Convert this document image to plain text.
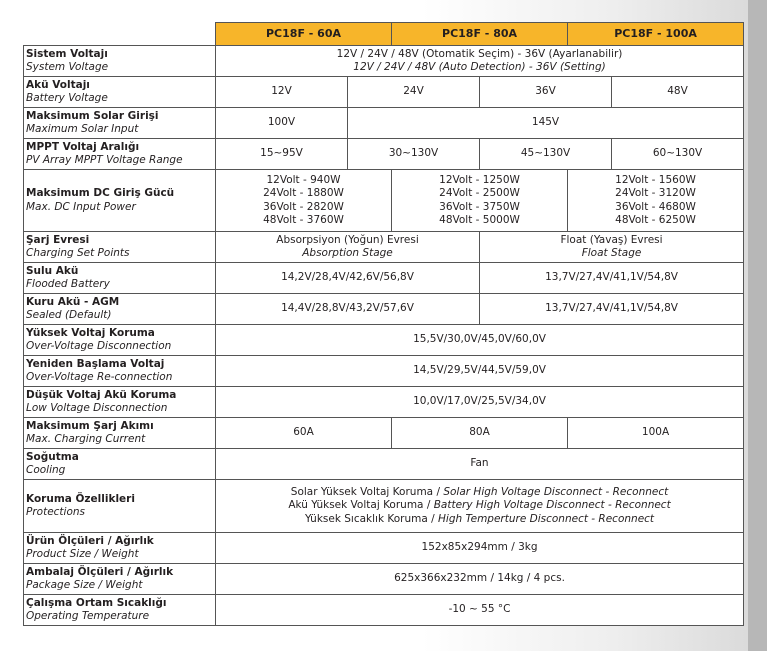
	PC18F - 60A		PC18F - 80A		PC18F - 100A	

Sistem Voltajı
System Voltage	12V / 24V / 48V (Otomatik Seçim) - 36V (Ayarlanabilir)
12V / 24V / 48V (Auto Detection) - 36V (Setting)					

Akü Voltajı
Battery Voltage	12V	24V		36V		48V

Maksimum Solar Girişi
Maximum Solar Input	100V	145V				

MPPT Voltaj Aralığı
PV Array MPPT Voltage Range	15~95V	30~130V		45~130V		60~130V

Maksimum DC Giriş Gücü
Max. DC Input Power	12Volt - 940W
24Volt - 1880W
36Volt - 2820W
48Volt - 3760W		12Volt - 1250W
24Volt - 2500W
36Volt - 3750W
48Volt - 5000W		12Volt - 1560W
24Volt - 3120W
36Volt - 4680W
48Volt - 6250W	

Şarj Evresi
Charging Set Points	Absorpsiyon (Yoğun) Evresi
Absorption Stage			Float (Yavaş) Evresi
Float Stage		

Sulu Akü
Flooded Battery	14,2V/28,4V/42,6V/56,8V			13,7V/27,4V/41,1V/54,8V		

Kuru Akü - AGM
Sealed (Default)	14,4V/28,8V/43,2V/57,6V			13,7V/27,4V/41,1V/54,8V		

Yüksek Voltaj Koruma
Over-Voltage Disconnection	15,5V/30,0V/45,0V/60,0V					

Yeniden Başlama Voltaj
Over-Voltage Re-connection	14,5V/29,5V/44,5V/59,0V					

Düşük Voltaj Akü Koruma
Low Voltage Disconnection	10,0V/17,0V/25,5V/34,0V					

Maksimum Şarj Akımı
Max. Charging Current	60A		80A		100A	

Soğutma
Cooling	Fan					

Koruma Özellikleri
Protections	Solar Yüksek Voltaj Koruma / Solar High Voltage Disconnect - Reconnect
Akü Yüksek Voltaj Koruma / Battery High Voltage Disconnect - Reconnect
Yüksek Sıcaklık Koruma / High Temperture Disconnect - Reconnect					

Ürün Ölçüleri / Ağırlık
Product Size / Weight	152x85x294mm / 3kg					

Ambalaj Ölçüleri / Ağırlık
Package Size / Weight	625x366x232mm / 14kg / 4 pcs.					

Çalışma Ortam Sıcaklığı
Operating Temperature	-10 ~ 55 °C					
